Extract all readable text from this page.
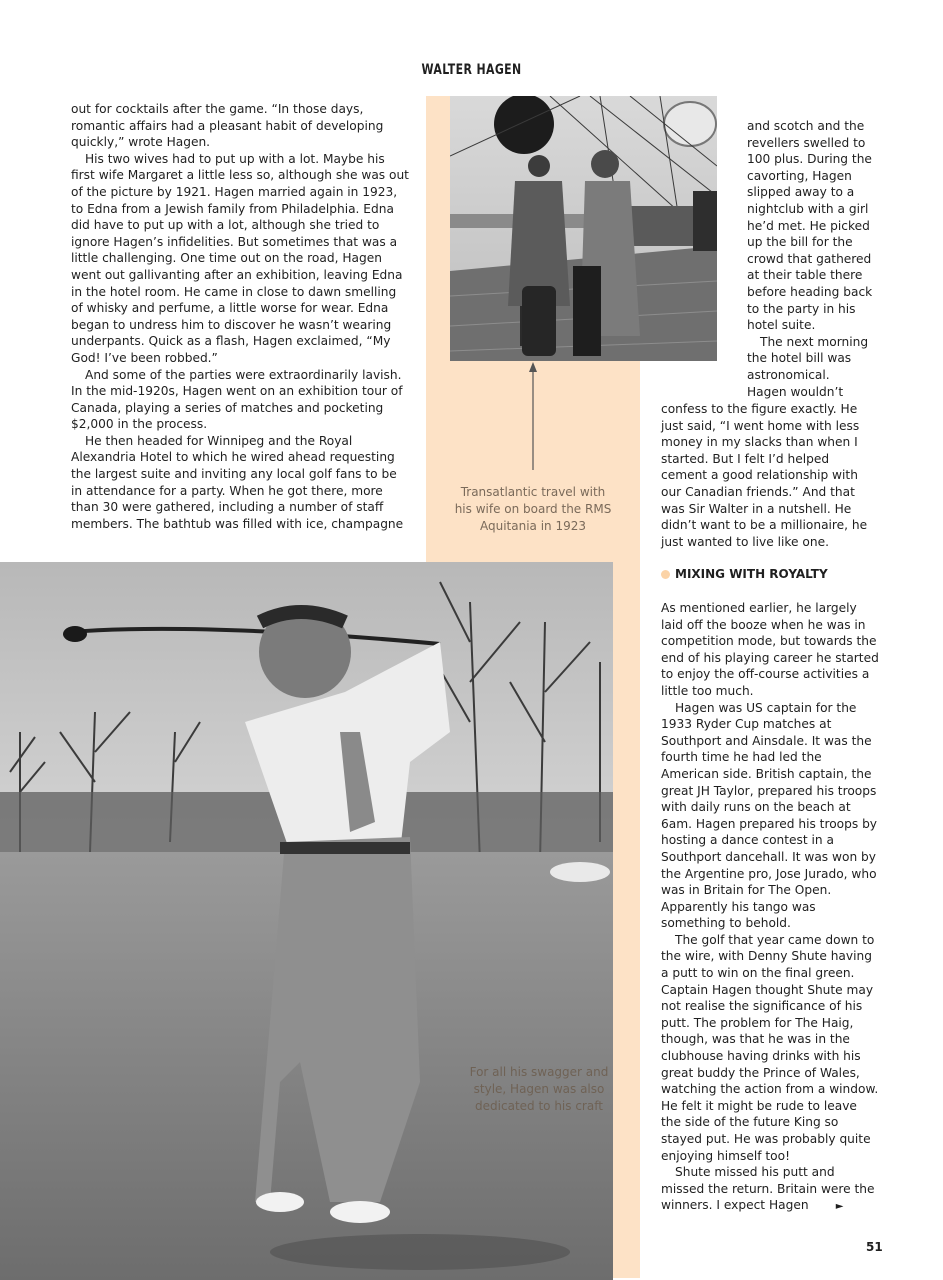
WALTER HAGEN

out for cocktails after the game. “In those days, romantic affairs had a pleasant habit of developing quickly,” wrote Hagen.

His two wives had to put up with a lot. Maybe his first wife Margaret a little less so, although she was out of the picture by 1921. Hagen married again in 1923, to Edna from a Jewish family from Philadelphia. Edna did have to put up with a lot, although she tried to ignore Hagen’s infidelities. But sometimes that was a little challenging. One time out on the road, Hagen went out gallivanting after an exhibition, leaving Edna in the hotel room. He came in close to dawn smelling of whisky and perfume, a little worse for wear. Edna began to undress him to discover he wasn’t wearing underpants. Quick as a flash, Hagen exclaimed, “My God! I’ve been robbed.”

And some of the parties were extraordinarily lavish. In the mid-1920s, Hagen went on an exhibition tour of Canada, playing a series of matches and pocketing $2,000 in the process.

He then headed for Winnipeg and the Royal Alexandria Hotel to which he wired ahead requesting the largest suite and inviting any local golf fans to be in attendance for a party. When he got there, more than 30 were gathered, including a number of staff members. The bathtub was filled with ice, champagne

Transatlantic travel with his wife on board the RMS Aquitania in 1923
and scotch and the
revellers swelled to
100 plus. During the
cavorting, Hagen
slipped away to a
nightclub with a girl
he’d met. He picked
up the bill for the
crowd that gathered
at their table there
before heading back
to the party in his
hotel suite.
The next morning
the hotel bill was
astronomical.
Hagen wouldn’t

confess to the figure exactly. He just said, “I went home with less money in my slacks than when I started. But I felt I’d helped cement a good relationship with our Canadian friends.” And that was Sir Walter in a nutshell. He didn’t want to be a millionaire, he just wanted to live like one.

MIXING WITH ROYALTY

As mentioned earlier, he largely laid off the booze when he was in competition mode, but towards the end of his playing career he started to enjoy the off-course activities a little too much.

Hagen was US captain for the 1933 Ryder Cup matches at Southport and Ainsdale. It was the fourth time he had led the American side. British captain, the great JH Taylor, prepared his troops with daily runs on the beach at 6am. Hagen prepared his troops by hosting a dance contest in a Southport dancehall. It was won by the Argentine pro, Jose Jurado, who was in Britain for The Open. Apparently his tango was something to behold.

The golf that year came down to the wire, with Denny Shute having a putt to win on the final green. Captain Hagen thought Shute may not realise the significance of his putt. The problem for The Haig, though, was that he was in the clubhouse having drinks with his great buddy the Prince of Wales, watching the action from a window. He felt it might be rude to leave the side of the future King so stayed put. He was probably quite enjoying himself too!

Shute missed his putt and missed the return. Britain were the winners. I expect Hagen	►

For all his swagger and style, Hagen was also dedicated to his craft
51
